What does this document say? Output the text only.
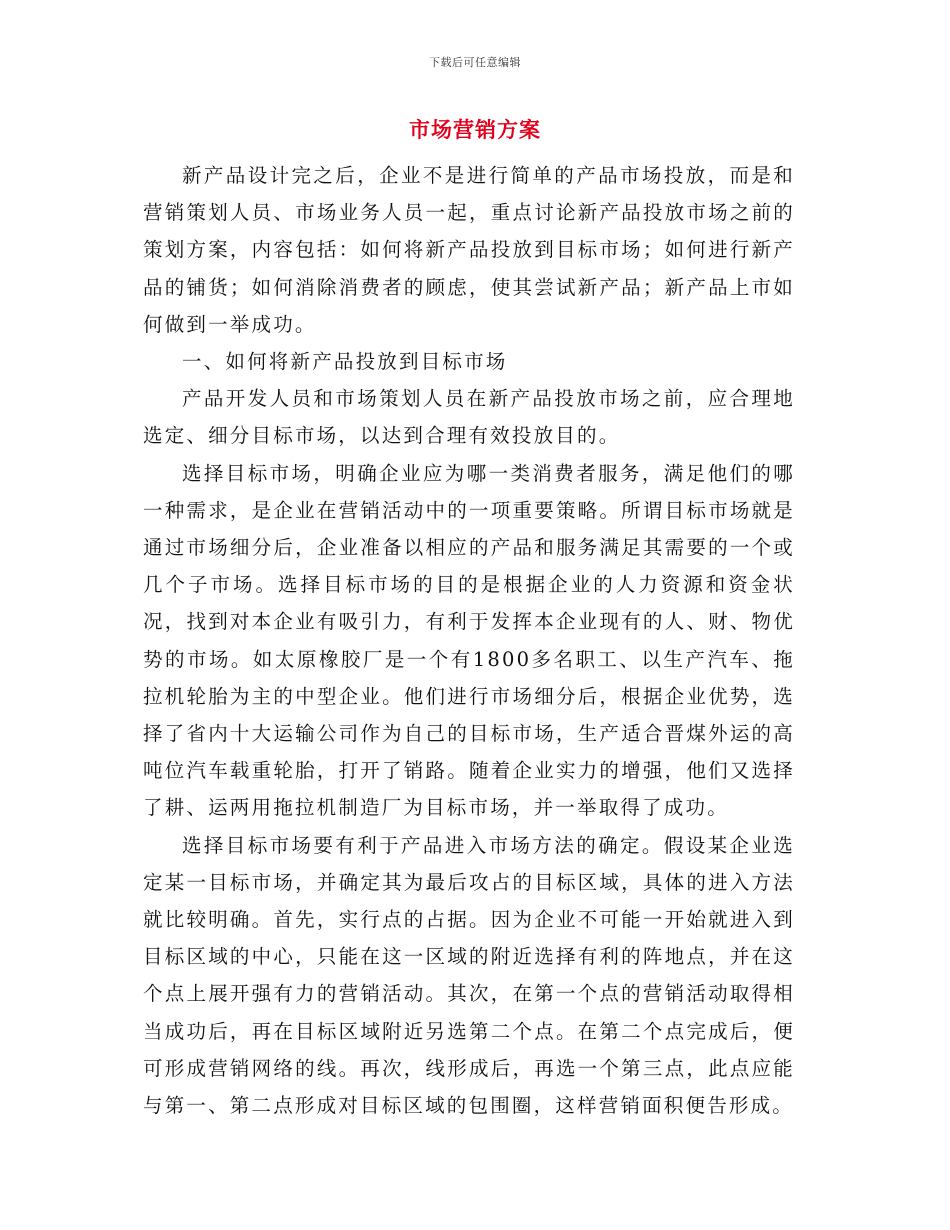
下载后可任意编辑
市场营销方案

新产品设计完之后，企业不是进行简单的产品市场投放，而是和营销策划人员、市场业务人员一起，重点讨论新产品投放市场之前的策划方案，内容包括：如何将新产品投放到目标市场；如何进行新产品的铺货；如何消除消费者的顾虑，使其尝试新产品；新产品上市如何做到一举成功。

一、如何将新产品投放到目标市场

产品开发人员和市场策划人员在新产品投放市场之前，应合理地选定、细分目标市场，以达到合理有效投放目的。

选择目标市场，明确企业应为哪一类消费者服务，满足他们的哪一种需求，是企业在营销活动中的一项重要策略。所谓目标市场就是通过市场细分后，企业准备以相应的产品和服务满足其需要的一个或几个子市场。选择目标市场的目的是根据企业的人力资源和资金状况，找到对本企业有吸引力，有利于发挥本企业现有的人、财、物优势的市场。如太原橡胶厂是一个有1800多名职工、以生产汽车、拖拉机轮胎为主的中型企业。他们进行市场细分后，根据企业优势，选择了省内十大运输公司作为自己的目标市场，生产适合晋煤外运的高吨位汽车载重轮胎，打开了销路。随着企业实力的增强，他们又选择了耕、运两用拖拉机制造厂为目标市场，并一举取得了成功。

选择目标市场要有利于产品进入市场方法的确定。假设某企业选定某一目标市场，并确定其为最后攻占的目标区域，具体的进入方法就比较明确。首先，实行点的占据。因为企业不可能一开始就进入到目标区域的中心，只能在这一区域的附近选择有利的阵地点，并在这个点上展开强有力的营销活动。其次，在第一个点的营销活动取得相当成功后，再在目标区域附近另选第二个点。在第二个点完成后，便可形成营销网络的线。再次，线形成后，再选一个第三点，此点应能与第一、第二点形成对目标区域的包围圈，这样营销面积便告形成。
